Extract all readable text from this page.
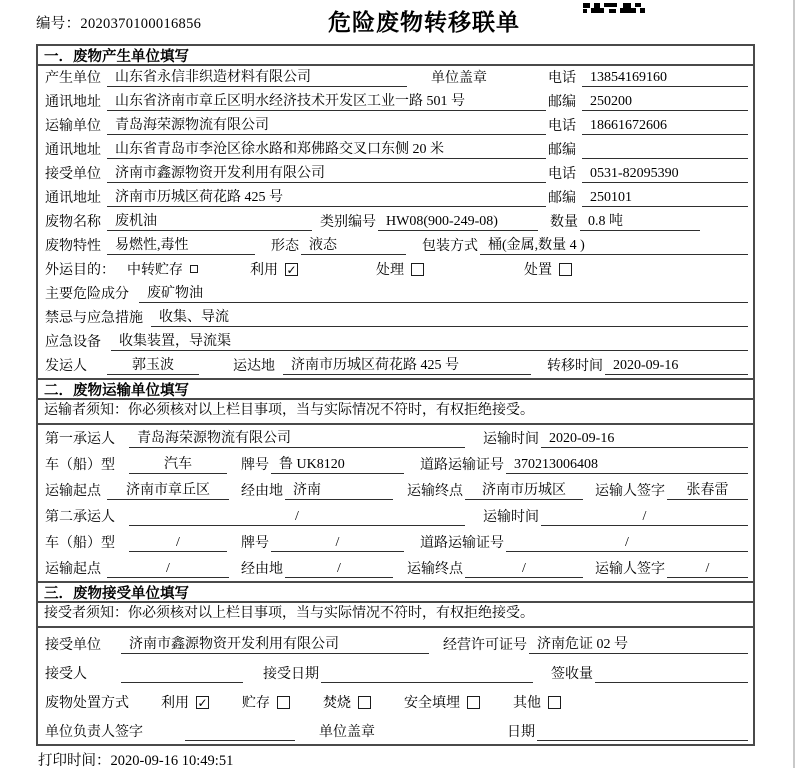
编号：2020370100016856	危险废物转移联单
一．废物产生单位填写
产生单位	山东省永信非织造材料有限公司	单位盖章	电话	13854169160
通讯地址	山东省济南市章丘区明水经济技术开发区工业一路 501 号	邮编	250200
运输单位	青岛海荣源物流有限公司	电话	18661672606
通讯地址	山东省青岛市李沧区徐水路和郑佛路交叉口东侧 20 米	邮编
接受单位	济南市鑫源物资开发利用有限公司	电话	0531-82095390
通讯地址	济南市历城区荷花路 425 号	邮编	250101
废物名称	废机油	类别编号 HW08(900-249-08)	数量 0.8 吨
废物特性	易燃性,毒性	形态 液态	包装方式 桶(金属,数量 4 )
外运目的： 中转贮存	利用 ✓	处理	处置
主要危险成分	废矿物油
禁忌与应急措施	收集、导流
应急设备	收集装置，导流渠
发运人	郭玉波	运达地	济南市历城区荷花路 425 号	转移时间 2020-09-16
二．废物运输单位填写
运输者须知：你必须核对以上栏目事项，当与实际情况不符时，有权拒绝接受。
第一承运人	青岛海荣源物流有限公司	运输时间 2020-09-16
车（船）型	汽车	牌号 鲁 UK8120	道路运输证号 370213006408
运输起点	济南市章丘区	经由地 济南	运输终点	济南市历城区	运输人签字	张春雷
第二承运人	/	运输时间	/
车（船）型	/	牌号	/	道路运输证号	/
运输起点	/	经由地	/	运输终点	/	运输人签字	/
三．废物接受单位填写
接受者须知：你必须核对以上栏目事项，当与实际情况不符时，有权拒绝接受。
接受单位	济南市鑫源物资开发利用有限公司	经营许可证号 济南危证 02 号
接受人	接受日期	签收量
废物处置方式	利用 ✓ 贮存	焚烧	安全填埋	其他
单位负责人签字	单位盖章	日期
打印时间：2020-09-16 10:49:51
